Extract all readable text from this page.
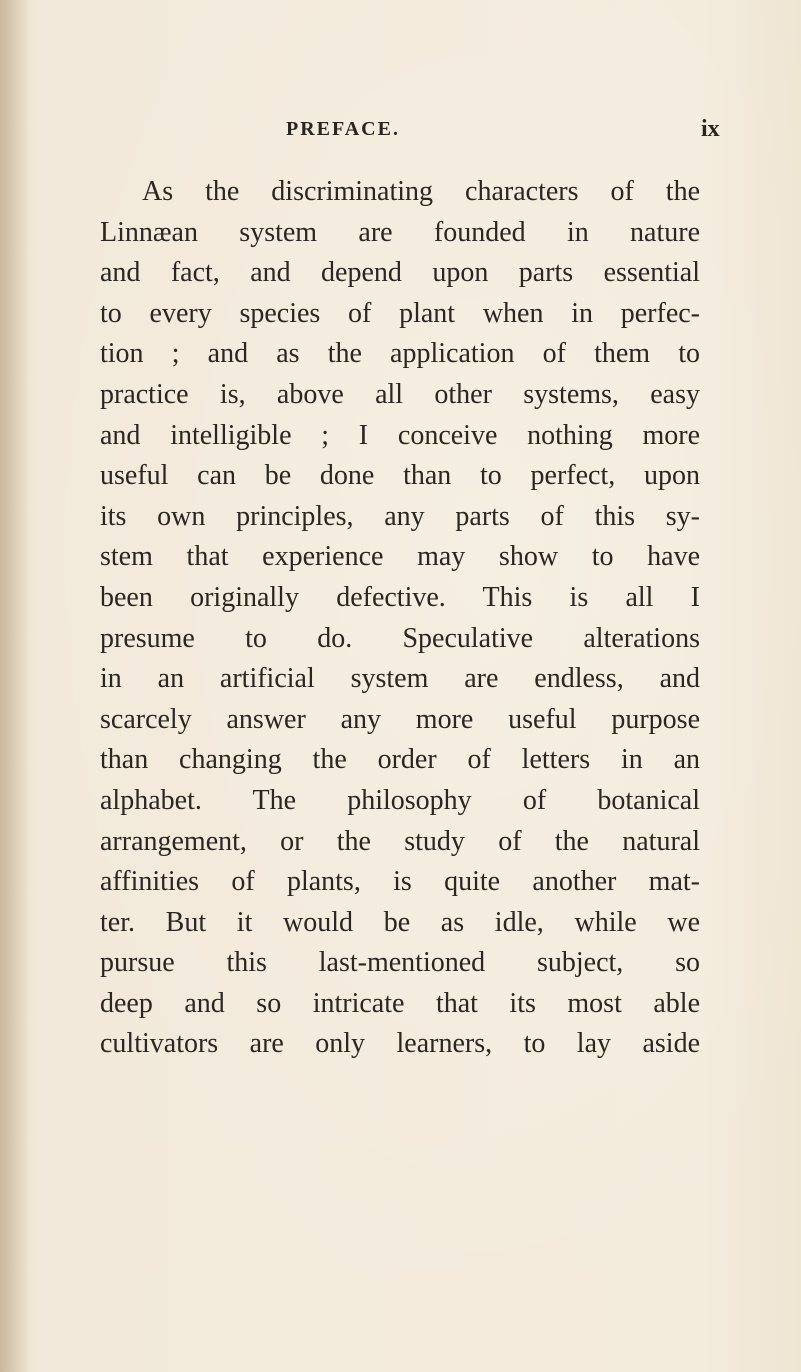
PREFACE.	ix
As the discriminating characters of the
Linnæan system are founded in nature
and fact, and depend upon parts essential
to every species of plant when in perfec-
tion ; and as the application of them to
practice is, above all other systems, easy
and intelligible ; I conceive nothing more
useful can be done than to perfect, upon
its own principles, any parts of this sy-
stem that experience may show to have
been originally defective. This is all I
presume to do. Speculative alterations
in an artificial system are endless, and
scarcely answer any more useful purpose
than changing the order of letters in an
alphabet. The philosophy of botanical
arrangement, or the study of the natural
affinities of plants, is quite another mat-
ter. But it would be as idle, while we
pursue this last-mentioned subject, so
deep and so intricate that its most able
cultivators are only learners, to lay aside
